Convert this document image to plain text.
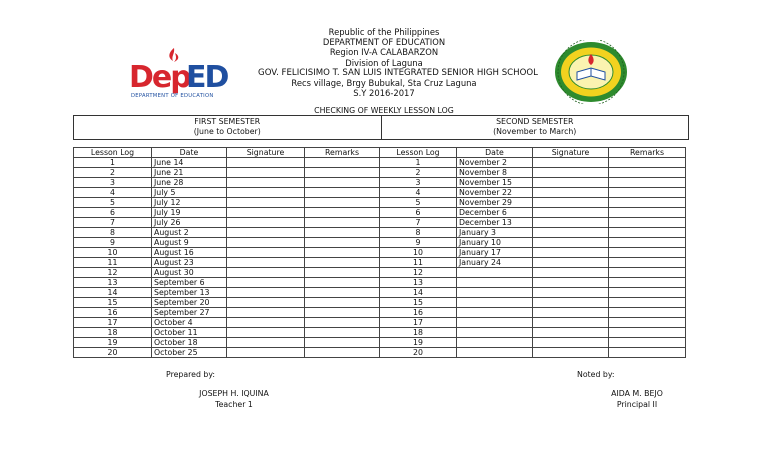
Dep
ED
DEPARTMENT OF EDUCATION
Republic of the Philippines
DEPARTMENT OF EDUCATION
Region IV-A CALABARZON
Division of Laguna
GOV. FELICISIMO T. SAN LUIS INTEGRATED SENIOR HIGH SCHOOL
Recs village, Brgy Bubukal, Sta Cruz Laguna
S.Y 2016-2017
CHECKING OF WEEKLY LESSON LOG
FIRST SEMESTER
(June to October)

SECOND SEMESTER
(November to March)
Lesson Log	Date	Signature	Remarks	Lesson Log	Date	Signature	Remarks
1	June 14			1	November 2		
2	June 21			2	November 8		
3	June 28			3	November 15		
4	July 5			4	November 22		
5	July 12			5	November 29		
6	July 19			6	December 6		
7	July 26			7	December 13		
8	August 2			8	January 3		
9	August 9			9	January 10		
10	August 16			10	January 17		
11	August 23			11	January 24		
12	August 30			12			
13	September 6			13			
14	September 13			14			
15	September 20			15			
16	September 27			16			
17	October 4			17			
18	October 11			18			
19	October 18			19			
20	October 25			20			
Prepared by:
JOSEPH H. IQUINA
Teacher 1
Noted by:
AIDA M. BEJO
Principal II
